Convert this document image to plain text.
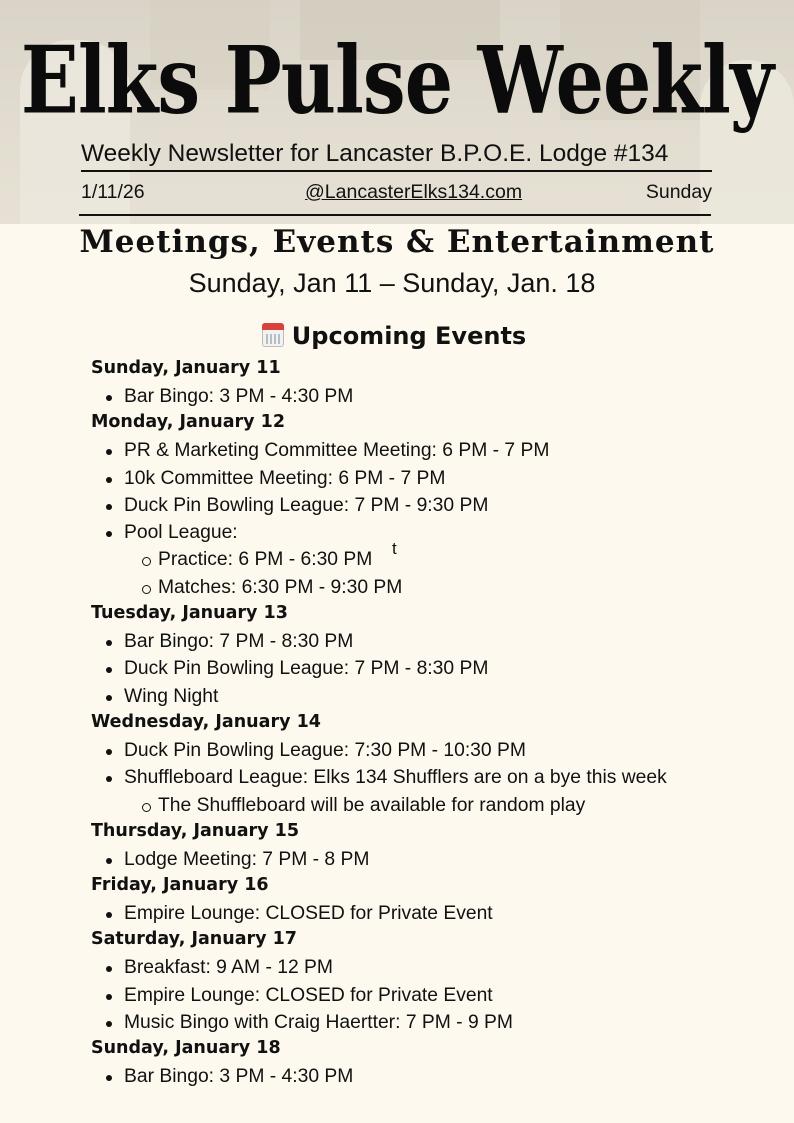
Elks Pulse Weekly
Weekly Newsletter for Lancaster B.P.O.E. Lodge #134
1/11/26	@LancasterElks134.com	Sunday
Meetings, Events & Entertainment
Sunday, Jan 11 – Sunday, Jan. 18
Upcoming Events
Sunday, January 11
Bar Bingo: 3 PM - 4:30 PM
Monday, January 12
PR & Marketing Committee Meeting: 6 PM - 7 PM
10k Committee Meeting: 6 PM - 7 PM
Duck Pin Bowling League: 7 PM - 9:30 PM
Pool League:
Practice: 6 PM - 6:30 PM
t
Matches: 6:30 PM - 9:30 PM
Tuesday, January 13
Bar Bingo: 7 PM - 8:30 PM
Duck Pin Bowling League: 7 PM - 8:30 PM
Wing Night
Wednesday, January 14
Duck Pin Bowling League: 7:30 PM - 10:30 PM
Shuffleboard League: Elks 134 Shufflers are on a bye this week
The Shuffleboard will be available for random play
Thursday, January 15
Lodge Meeting: 7 PM - 8 PM
Friday, January 16
Empire Lounge: CLOSED for Private Event
Saturday, January 17
Breakfast: 9 AM - 12 PM
Empire Lounge: CLOSED for Private Event
Music Bingo with Craig Haertter: 7 PM - 9 PM
Sunday, January 18
Bar Bingo: 3 PM - 4:30 PM
